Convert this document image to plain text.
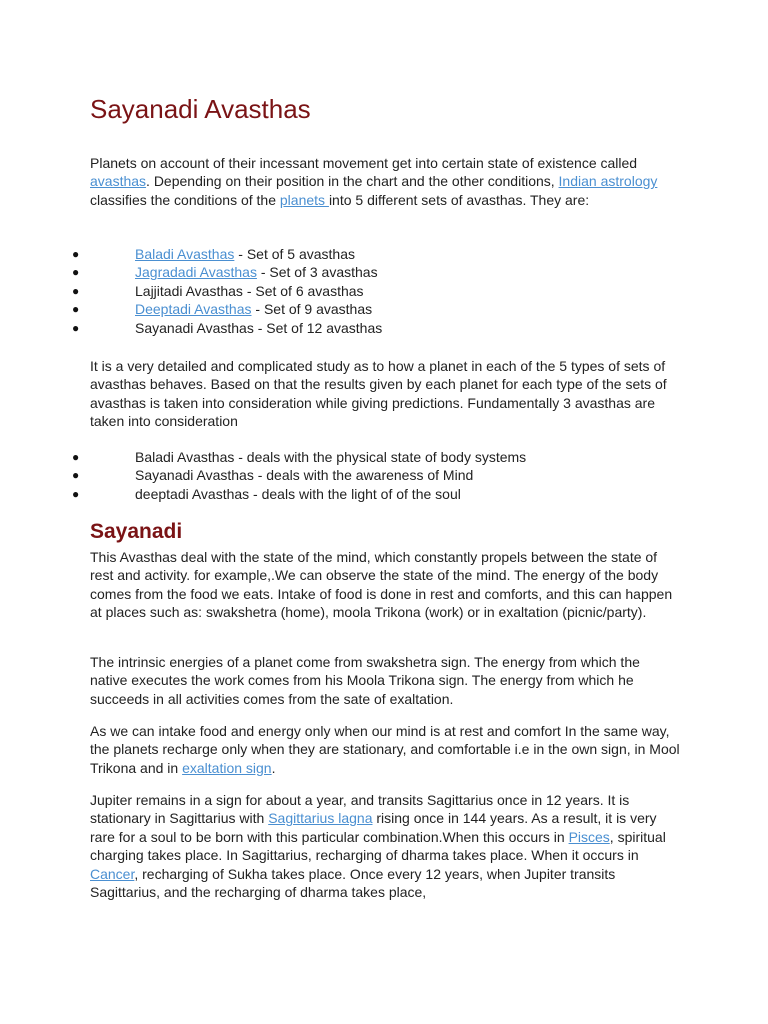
Sayanadi Avasthas

Planets on account of their incessant movement get into certain state of existence called avasthas. Depending on their position in the chart and the other conditions, Indian astrology classifies the conditions of the planets into 5 different sets of avasthas. They are:

●	Baladi Avasthas - Set of 5 avasthas
●	Jagradadi Avasthas - Set of 3 avasthas
●	Lajjitadi Avasthas - Set of 6 avasthas
●	Deeptadi Avasthas - Set of 9 avasthas
●	Sayanadi Avasthas - Set of 12 avasthas

It is a very detailed and complicated study as to how a planet in each of the 5 types of sets of avasthas behaves. Based on that the results given by each planet for each type of the sets of avasthas is taken into consideration while giving predictions. Fundamentally 3 avasthas are taken into consideration

●	Baladi Avasthas - deals with the physical state of body systems
●	Sayanadi Avasthas - deals with the awareness of Mind
●	deeptadi Avasthas - deals with the light of of the soul
Sayanadi

This Avasthas deal with the state of the mind, which constantly propels between the state of rest and activity. for example,.We can observe the state of the mind. The energy of the body comes from the food we eats. Intake of food is done in rest and comforts, and this can happen at places such as: swakshetra (home), moola Trikona (work) or in exaltation (picnic/party).

The intrinsic energies of a planet come from swakshetra sign. The energy from which the native executes the work comes from his Moola Trikona sign. The energy from which he succeeds in all activities comes from the sate of exaltation.

As we can intake food and energy only when our mind is at rest and comfort In the same way, the planets recharge only when they are stationary, and comfortable i.e in the own sign, in Mool Trikona and in exaltation sign.

Jupiter remains in a sign for about a year, and transits Sagittarius once in 12 years. It is stationary in Sagittarius with Sagittarius lagna rising once in 144 years. As a result, it is very rare for a soul to be born with this particular combination.When this occurs in Pisces, spiritual charging takes place. In Sagittarius, recharging of dharma takes place. When it occurs in Cancer, recharging of Sukha takes place. Once every 12 years, when Jupiter transits Sagittarius, and the recharging of dharma takes place,
